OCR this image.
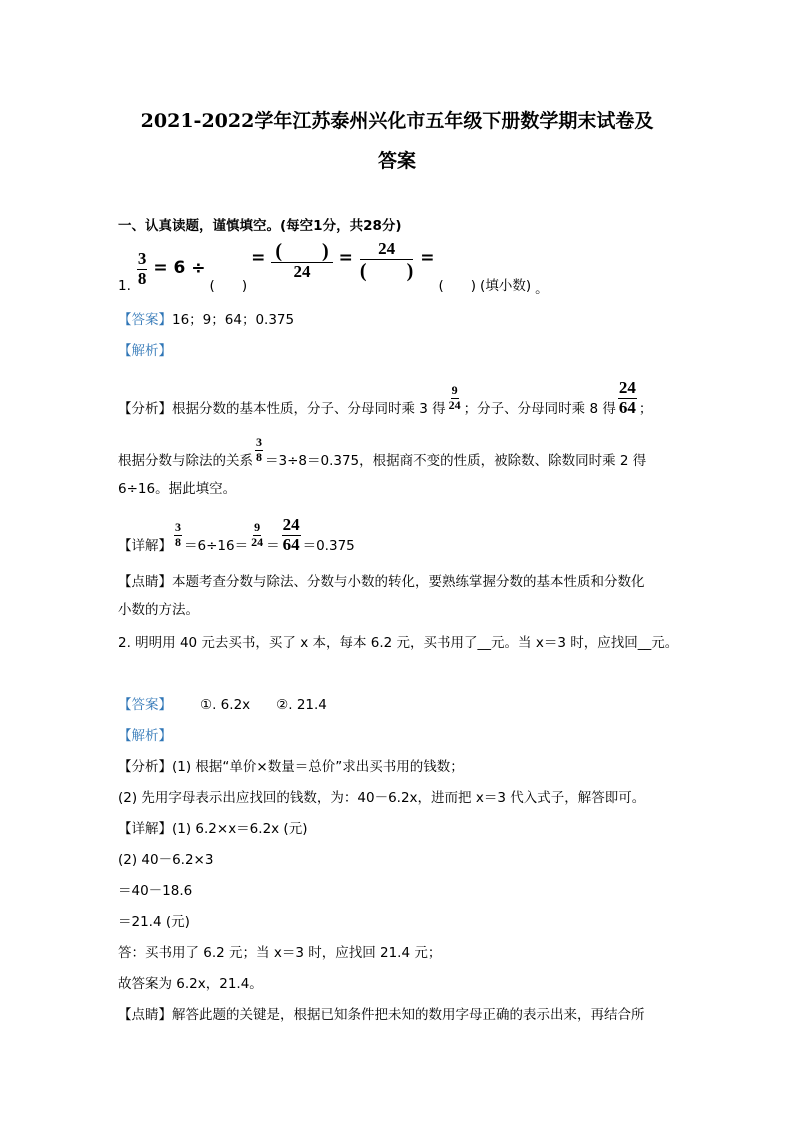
2021-2022学年江苏泰州兴化市五年级下册数学期末试卷及
答案
一、认真读题，谨慎填空。(每空1分，共28分)
1. $\frac{3}{8} = 6$ ÷
(　　)
= $\frac{( )}{24} = \frac{24}{( )}$ =
(　　) (填小数) 。
【答案】16；9；64；0.375
【解析】
【分析】根据分数的基本性质，分子、分母同时乘 3 得 $\frac{9}{24}$ ；分子、分母同时乘 8 得 $\frac{24}{64}$ ；
根据分数与除法的关系 $\frac{3}{8} =3\div 8=0.375$，根据商不变的性质，被除数、除数同时乘 2 得
6÷16。据此填空。
【详解】 $\frac{3}{8} =6\div 16= \frac{9}{24} = \frac{24}{64} =0.375$
【点睛】本题考查分数与除法、分数与小数的转化，要熟练掌握分数的基本性质和分数化
小数的方法。
2. 明明用 40 元去买书，买了 x 本，每本 6.2 元，买书用了__元。当 x＝3 时，应找回__元。
【答案】 ①. 6.2x ②. 21.4
【解析】
【分析】(1) 根据“单价×数量＝总价”求出买书用的钱数；
(2) 先用字母表示出应找回的钱数，为：40－6.2x，进而把 x＝3 代入式子，解答即可。
【详解】(1) 6.2×x＝6.2x (元)
(2) 40－6.2×3
＝40－18.6
＝21.4 (元)
答：买书用了 6.2 元；当 x＝3 时，应找回 21.4 元；
故答案为 6.2x，21.4。
【点睛】解答此题的关键是，根据已知条件把未知的数用字母正确的表示出来，再结合所
